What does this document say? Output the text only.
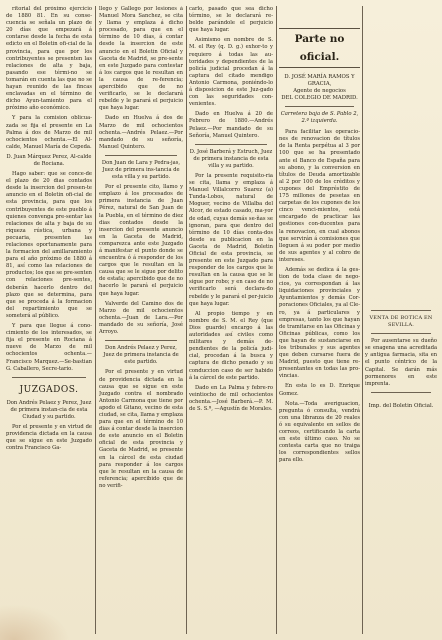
ritorial del próximo ejercicio de 1880 81. En su conse-cuencia se señala un plazo de 20 días que empezará á contarse desde la fecha de esta edicto en el Boletin ofi-cial de la provincia, para que por los contribuyentes se presenten las relaciones de alta y baja, pasando ese térmi-no se tomarán en cuenta las que no se hayan reunido de las fincas enclavadas en el término de dicho Ayun-tamiento para el próximo año económico.

Y para la comision oblicua-zada se fija el presente en La Palma á dos de Marzo de mil ochocientos ochenta.—El Al-calde, Manuel María de Cepeda.

D. Juan Márquez Perez, Al-calde de Rociana.

Hago saber: que se conce-de el plazo de 20 dias contados desde la insercion del presen-te anuncio en el Boletin ofi-cial de esta provincia, para que los contribuyentes de este pueblo á quienes convenga pre-sentar las relaciones de alta y baja de su riqueza rústica, urbana y pecuaria, presenten las relaciones oportunamente para la formacion del amillaramiento para el año próximo de 1880 á 81, así como las relaciones de productos; los que se pre-senten con relaciones pre-sentes, deberán hacerlo dentro del plazo que se determina, para que se proceda á la formacion del repartimiento que se someterá al público.

Y para que llegue á cono-cimiento de los interesados, se fija el presente en Rociana á nueve de Marzo de mil ochocientos ochenta.—Francisco Marquez.—Se-bastian G. Caballero, Secre-tario.

JUZGADOS.

Don Andrés Pelaez y Perez, Juez de primera instan-cia de esta Ciudad y su partido.

Por el presente y en virtud de providencia dictada en la causa que se sigue en este Juzgado contra Francisco Ga-

llego y Gallego por lesiones á Manuel Mora Sanchez, se cita y llama y emplaza á dicho procesado, para que en el término de 10 dias, á contar desde la insercion de este anuncio en el Boletin Oficial y Gaceta de Madrid, se pre-sente en este Juzgado para contestar á los cargos que le resultan en la causa de re-ferencia; apercibido que de no verificarlo, se le declarará rebelde y le parará el perjuicio que haya lugar.

Dado en Huelva á dos de Marzo de mil ochocientos ochenta.—Andrés Pelaez.—Por mandado de su señoría, Manuel Quintero.

Don Juan de Lara y Pedra-jas, Juez de primera ins-tancia de esta villa y su partido.

Por el presente cito, llamo y emplazo á los procesados de primera instancia de Juan Pérez, natural de San Juan de la Puebla, en el término de diez dias contados desde la insercion del presente anuncio en la Gaceta de Madrid, comparezca ante este Juzgado á manifestar el punto donde se encuentra ó á responder de los cargos que le resultan en la causa que se le sigue por delito de estafa; apercibido que de no hacerlo le parará el perjuicio que haya lugar.

Valverde del Camino dos de Marzo de mil ochocientos ochenta.—Juan de Lara.—Por mandado de su señoría, José Arroyo.

Don Andrés Pelaez y Perez, Juez de primera instancia de este partido.

Por el presente y en virtud de providencia dictada en la causa que se sigue en este Juzgado contra el nombrado Antonio Carmona que tiene por apodo el Gitano, vecino de esta ciudad, se cita, llama y emplaza para que en el término de 10 dias á contar desde la insercion de este anuncio en el Boletin oficial de esta provincia y Gaceta de Madrid, se presente en la cárcel de esta ciudad para responder á los cargos que le resultan en la causa de referencia; apercibido que de no verifi-

carlo, pasado que sea dicho término, se le declarará re-belde parándole el perjuicio que haya lugar.

Asimismo en nombre de S. M. el Rey (q. D. g.) exhor-to y requiero á todas las au-toridades y dependientes de la policía judicial procedan á la captura del citado mendigo Antonio Carmona, poniéndo-lo á disposicion de este Juz-gado con las seguridades con-venientes.

Dado en Huelva á 20 de Febrero de 1880.—Andrés Pelaez.—Por mandado de su Señoría, Manuel Quintero.

D. José Barberá y Estruch, Juez de primera instancia de esta villa y su partido.

Por la presente requisito-ria se cita, llama y emplaza á Manuel Villalcorro Suarez (a) Tunda-Lobos, natural de Moguer, vecino de Villalba del Alcor, de estado casado, ma-yor de edad, cuyas demás se-ñas se ignoran, para que dentro del término de 10 días conta-dos desde su publicacion en la Gaceta de Madrid, Boletin Oficial de esta provincia, se presente en este Juzgado para responder de los cargos que le resultan en la causa que se le sigue por robo; y en caso de no verificarlo será declara-do rebelde y le parará el per-juicio que haya lugar.

Al propio tiempo y en nombre de S. M. el Rey (que Dios guarde) encargo á las autoridades así civiles como militares y demás de-pendientes de la policía judi-cial, procedan á la busca y captura de dicho penado y su conduccion caso de ser habido á la cárcel de este partido.

Dado en La Palma y febre-ro veintiocho de mil ochocientos ochenta.—José Barberá.—P. M. de S. S.ª, —Agustín de Morales.

Parte no oficial.

D. JOSÉ MARÍA RAMOS Y GRACIA,

Agente de negocios

DEL COLEGIO DE MADRID.

Carretera baja de S. Pablo 2, 2.º izquierda.

Para facilitar las operacio-nes de renovacion de títulos de la Renta perpétua al 3 por 100 que se ha presentado ante el Banco de España para su abono, y la conversion en títulos de Deuda amortizable al 2 por 100 de los créditos y cupones del Empréstito de 175 millones de pesetas en carpetas de los cupones de los cinco venci-mientos, está encargado de practicar las gestiones con-ducentes para la renovacion, en cual abonos que servirán á comisiones que lleguen á su poder por medio de sus agentes y al cobro de intereses.

Además se dedica á la ges-tion de toda clase de nego-cios, ya correspondan á las liquidaciones provinciales y Ayuntamientos y demás Cor-poraciones Oficiales, ya al Cle-ro, ya á particulares y empresas, tanto los que hayan de tramitarse en las Oficinas y Oficinas públicas, como los que hayan de sustanciarse en los tribunales y sus agentes que deben cursarse fuera de Madrid, puesto que tiene re-presentantes en todas las pro-vincias.

En esta lo es D. Enrique Gomez.

Nota.—Toda averiguacion, pregunta ó consulta, vendrá con una libranza de 20 reales ó su equivalente en sellos de correos, certificando la carta en este último caso. No se contesta carta que no traiga los correspondientes sellos para ello.

VENTA DE BOTICA EN SEVILLA.

Por ausentarse su dueño se enagena una acreditada y antigua farmacia, sita en el punto céntrico de la Capital. Se darán más pormenores en este imprenta.

Imp. del Boletin Oficial.
